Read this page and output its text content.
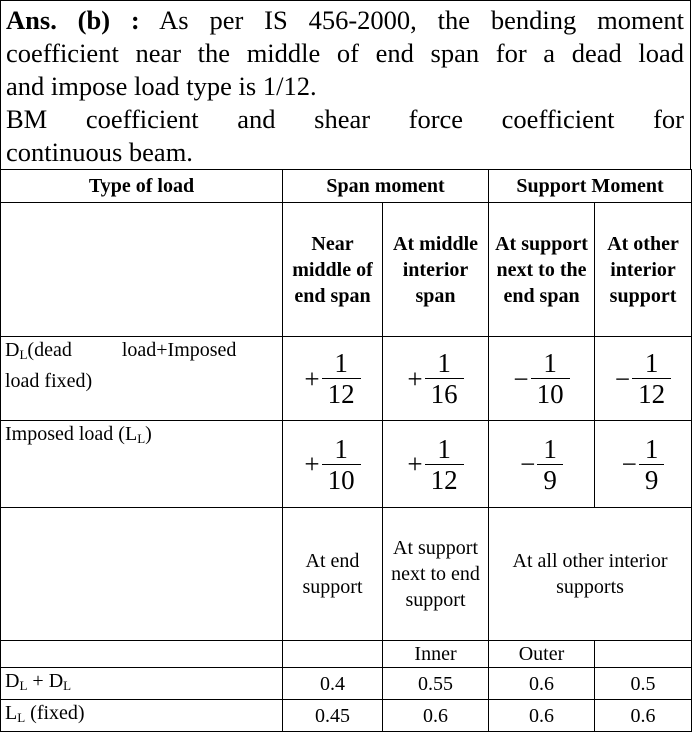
Ans. (b) : As per IS 456-2000, the bending moment

coefficient near the middle of end span for a dead load

and impose load type is 1/12.

BM coefficient and shear force coefficient for

continuous beam.

Type of load	Span moment		Support Moment	
	Near middle of end span	At middle interior span	At support next to the end span	At other interior support
$D_L(dead$    load+Imposed
load fixed)	+ $\frac{1}{12}$	+ $\frac{1}{16}$	− $\frac{1}{10}$	− $\frac{1}{12}$

Imposed load $(L_L)$	+ $\frac{1}{10}$	+ $\frac{1}{12}$	− $\frac{1}{9}$	− $\frac{1}{9}$

	At end support	At support next to end support	At all other interior supports	
		Inner	Outer	
$D_L + D_L$	0.4	0.55	0.6	0.5
$L_L$ (fixed)	0.45	0.6	0.6	0.6
